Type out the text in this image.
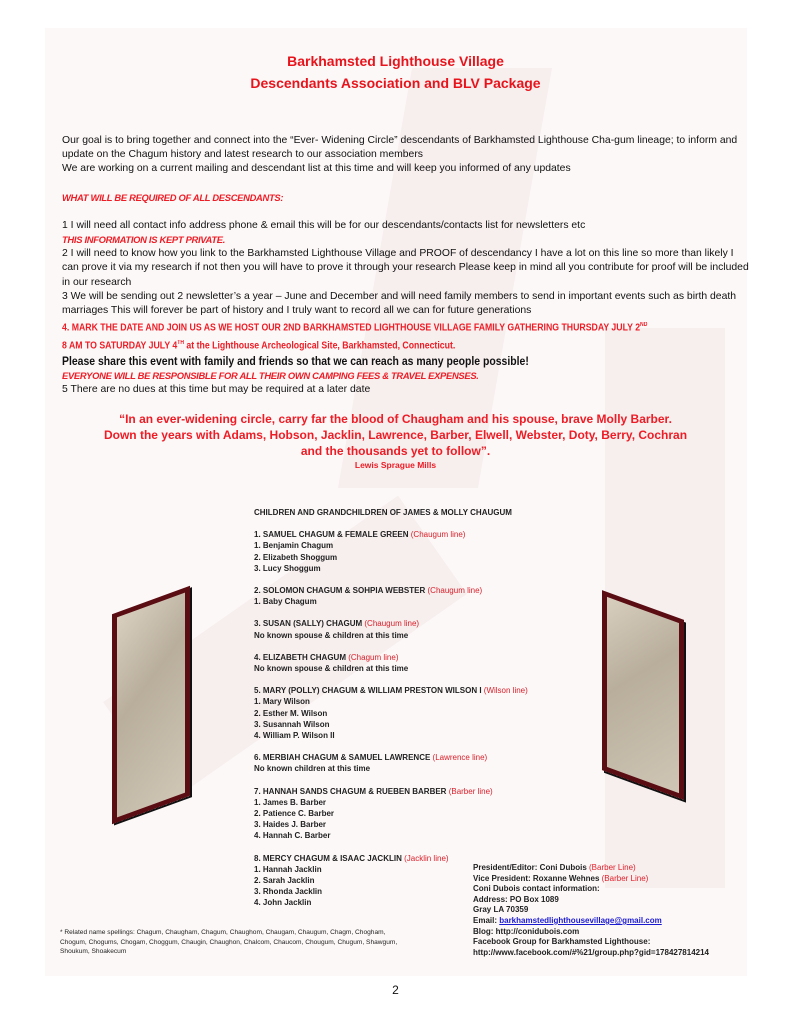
Barkhamsted Lighthouse Village
Descendants Association and BLV Package
Our goal is to bring together and connect into the “Ever- Widening Circle” descendants of Barkhamsted Lighthouse Cha-gum lineage; to inform and update on the Chagum history and latest research to our association members
We are working on a current mailing and descendant list at this time and will keep you informed of any updates
WHAT WILL BE REQUIRED OF ALL DESCENDANTS:
1 I will need all contact info address phone & email this will be for our descendants/contacts list for newsletters etc
THIS INFORMATION IS KEPT PRIVATE.
2 I will need to know how you link to the Barkhamsted Lighthouse Village and PROOF of descendancy I have a lot on this line so more than likely I can prove it via my research if not then you will have to prove it through your research Please keep in mind all you contribute for proof will be included in our research
3 We will be sending out 2 newsletter’s a year – June and December and will need family members to send in important events such as birth death marriages This will forever be part of history and I truly want to record all we can for future generations
4. MARK THE DATE AND JOIN US AS WE HOST OUR 2ND BARKHAMSTED LIGHTHOUSE VILLAGE FAMILY GATHERING THURSDAY JULY 2ND
8 AM TO SATURDAY JULY 4TH at the Lighthouse Archeological Site, Barkhamsted, Connecticut.
Please share this event with family and friends so that we can reach as many people possible!
EVERYONE WILL BE RESPONSIBLE FOR ALL THEIR OWN CAMPING FEES & TRAVEL EXPENSES.
5 There are no dues at this time but may be required at a later date
“In an ever-widening circle, carry far the blood of Chaugham and his spouse, brave Molly Barber.
Down the years with Adams, Hobson, Jacklin, Lawrence, Barber, Elwell, Webster, Doty, Berry, Cochran
and the thousands yet to follow”.
Lewis Sprague Mills
CHILDREN AND GRANDCHILDREN OF JAMES & MOLLY CHAUGUM
1. SAMUEL CHAGUM & FEMALE GREEN (Chaugum line)
1. Benjamin Chagum
2. Elizabeth Shoggum
3. Lucy Shoggum
2. SOLOMON CHAGUM & SOHPIA WEBSTER (Chaugum line)
1. Baby Chagum
3. SUSAN (SALLY) CHAGUM (Chaugum line)
No known spouse & children at this time
4. ELIZABETH CHAGUM (Chagum line)
No known spouse & children at this time
5. MARY (POLLY) CHAGUM & WILLIAM PRESTON WILSON I (Wilson line)
1. Mary Wilson
2. Esther M. Wilson
3. Susannah Wilson
4. William P. Wilson II
6. MERBIAH CHAGUM & SAMUEL LAWRENCE (Lawrence line)
No known children at this time
7. HANNAH SANDS CHAGUM & RUEBEN BARBER (Barber line)
1. James B. Barber
2. Patience C. Barber
3. Haides J. Barber
4. Hannah C. Barber
8. MERCY CHAGUM & ISAAC JACKLIN (Jacklin line)
1. Hannah Jacklin
2. Sarah Jacklin
3. Rhonda Jacklin
4. John Jacklin
President/Editor: Coni Dubois (Barber Line)
Vice President: Roxanne Wehnes (Barber Line)
Coni Dubois contact information:
Address: PO Box 1089
Gray LA 70359
Email: barkhamstedlighthousevillage@gmail.com
Blog: http://conidubois.com
Facebook Group for Barkhamsted Lighthouse:
http://www.facebook.com/#%21/group.php?gid=178427814214
* Related name spellings: Chagum, Chaugham, Chagum, Chaughom, Chaugam, Chaugum, Chagm, Chogham, Chogum, Chogums, Chogam, Choggum, Chaugin, Chaughon, Chalcom, Chaucom, Chougum, Chugum, Shawgum, Shoukum, Shoakecum
2
